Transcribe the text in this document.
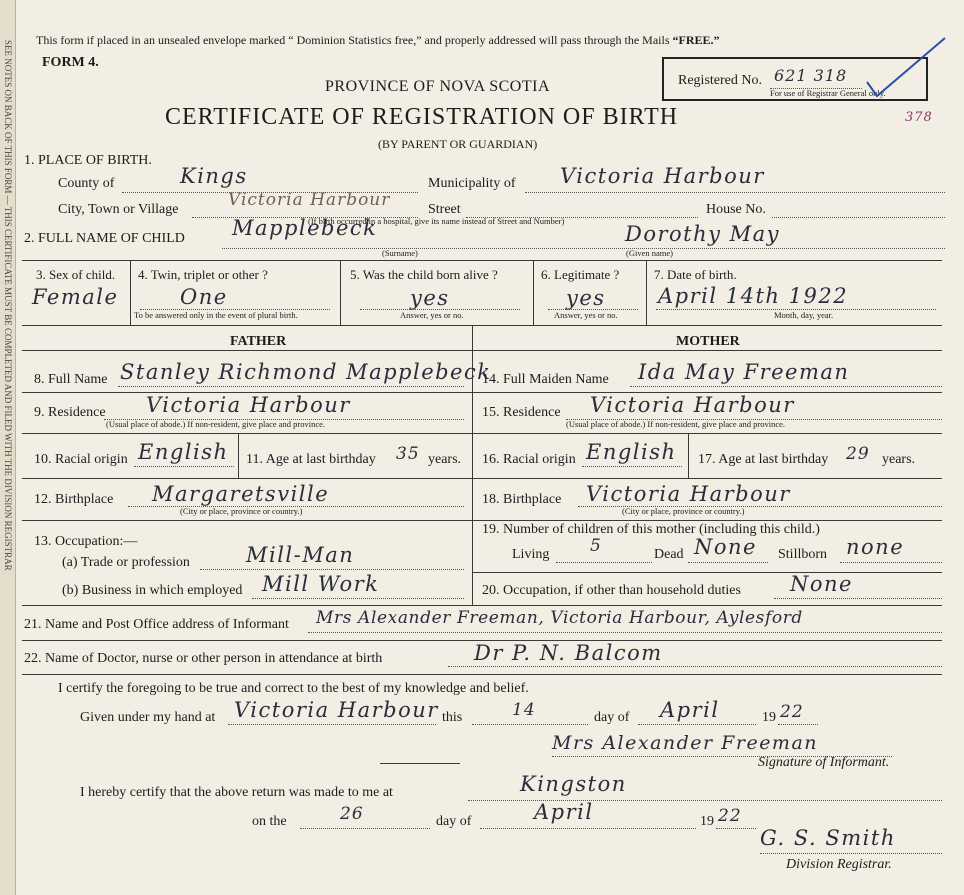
SEE NOTES ON BACK OF THIS FORM — THIS CERTIFICATE MUST BE COMPLETED AND FILED WITH THE DIVISION REGISTRAR This form if placed in an unsealed envelope marked “ Dominion Statistics free,” and properly addressed will pass through the Mails “FREE.”
FORM 4.
PROVINCE OF NOVA SCOTIA
CERTIFICATE OF REGISTRATION OF BIRTH
(BY PARENT OR GUARDIAN)
378
Registered No. 621 318
For use of Registrar General only.
1. PLACE OF BIRTH.
County of	Kings	Municipality of Victoria Harbour
City, Town or Village	Victoria Harbour	Street	House No.
(If birth occurred in a hospital, give its name instead of Street and Number)
2. FULL NAME OF CHILD Mapplebeck	Dorothy May
(Surname)	(Given name)
3. Sex of child.
Female
4. Twin, triplet or other ?
One
To be answered only in the event of plural birth.
5. Was the child born alive ?
yes
Answer, yes or no.
6. Legitimate ?
yes
Answer, yes or no.
7. Date of birth.
April 14th 1922
Month, day, year.
FATHER	MOTHER
8. Full Name Stanley Richmond Mapplebeck
9. Residence Victoria Harbour
(Usual place of abode.) If non-resident, give place and province.
10. Racial origin English 11. Age at last birthday 35 years.
12. Birthplace Margaretsville
(City or place, province or country.)
13. Occupation:—
(a) Trade or profession	Mill-Man
(b) Business in which employed Mill Work
14. Full Maiden Name Ida May Freeman
15. Residence Victoria Harbour
(Usual place of abode.) If non-resident, give place and province.
16. Racial origin English 17. Age at last birthday 29 years.
18. Birthplace Victoria Harbour
(City or place, province or country.)
19. Number of children of this mother (including this child.)
Living 5	Dead None Stillborn none
20. Occupation, if other than household duties None
21. Name and Post Office address of Informant Mrs Alexander Freeman, Victoria Harbour, Aylesford
22. Name of Doctor, nurse or other person in attendance at birth	Dr P. N. Balcom
I certify the foregoing to be true and correct to the best of my knowledge and belief.
Given under my hand at Victoria Harbour this	14	day of April	19 22
Mrs Alexander Freeman
Signature of Informant.
I hereby certify that the above return was made to me at	Kingston
on the	26	day of	April	19 22
G. S. Smith
Division Registrar.
